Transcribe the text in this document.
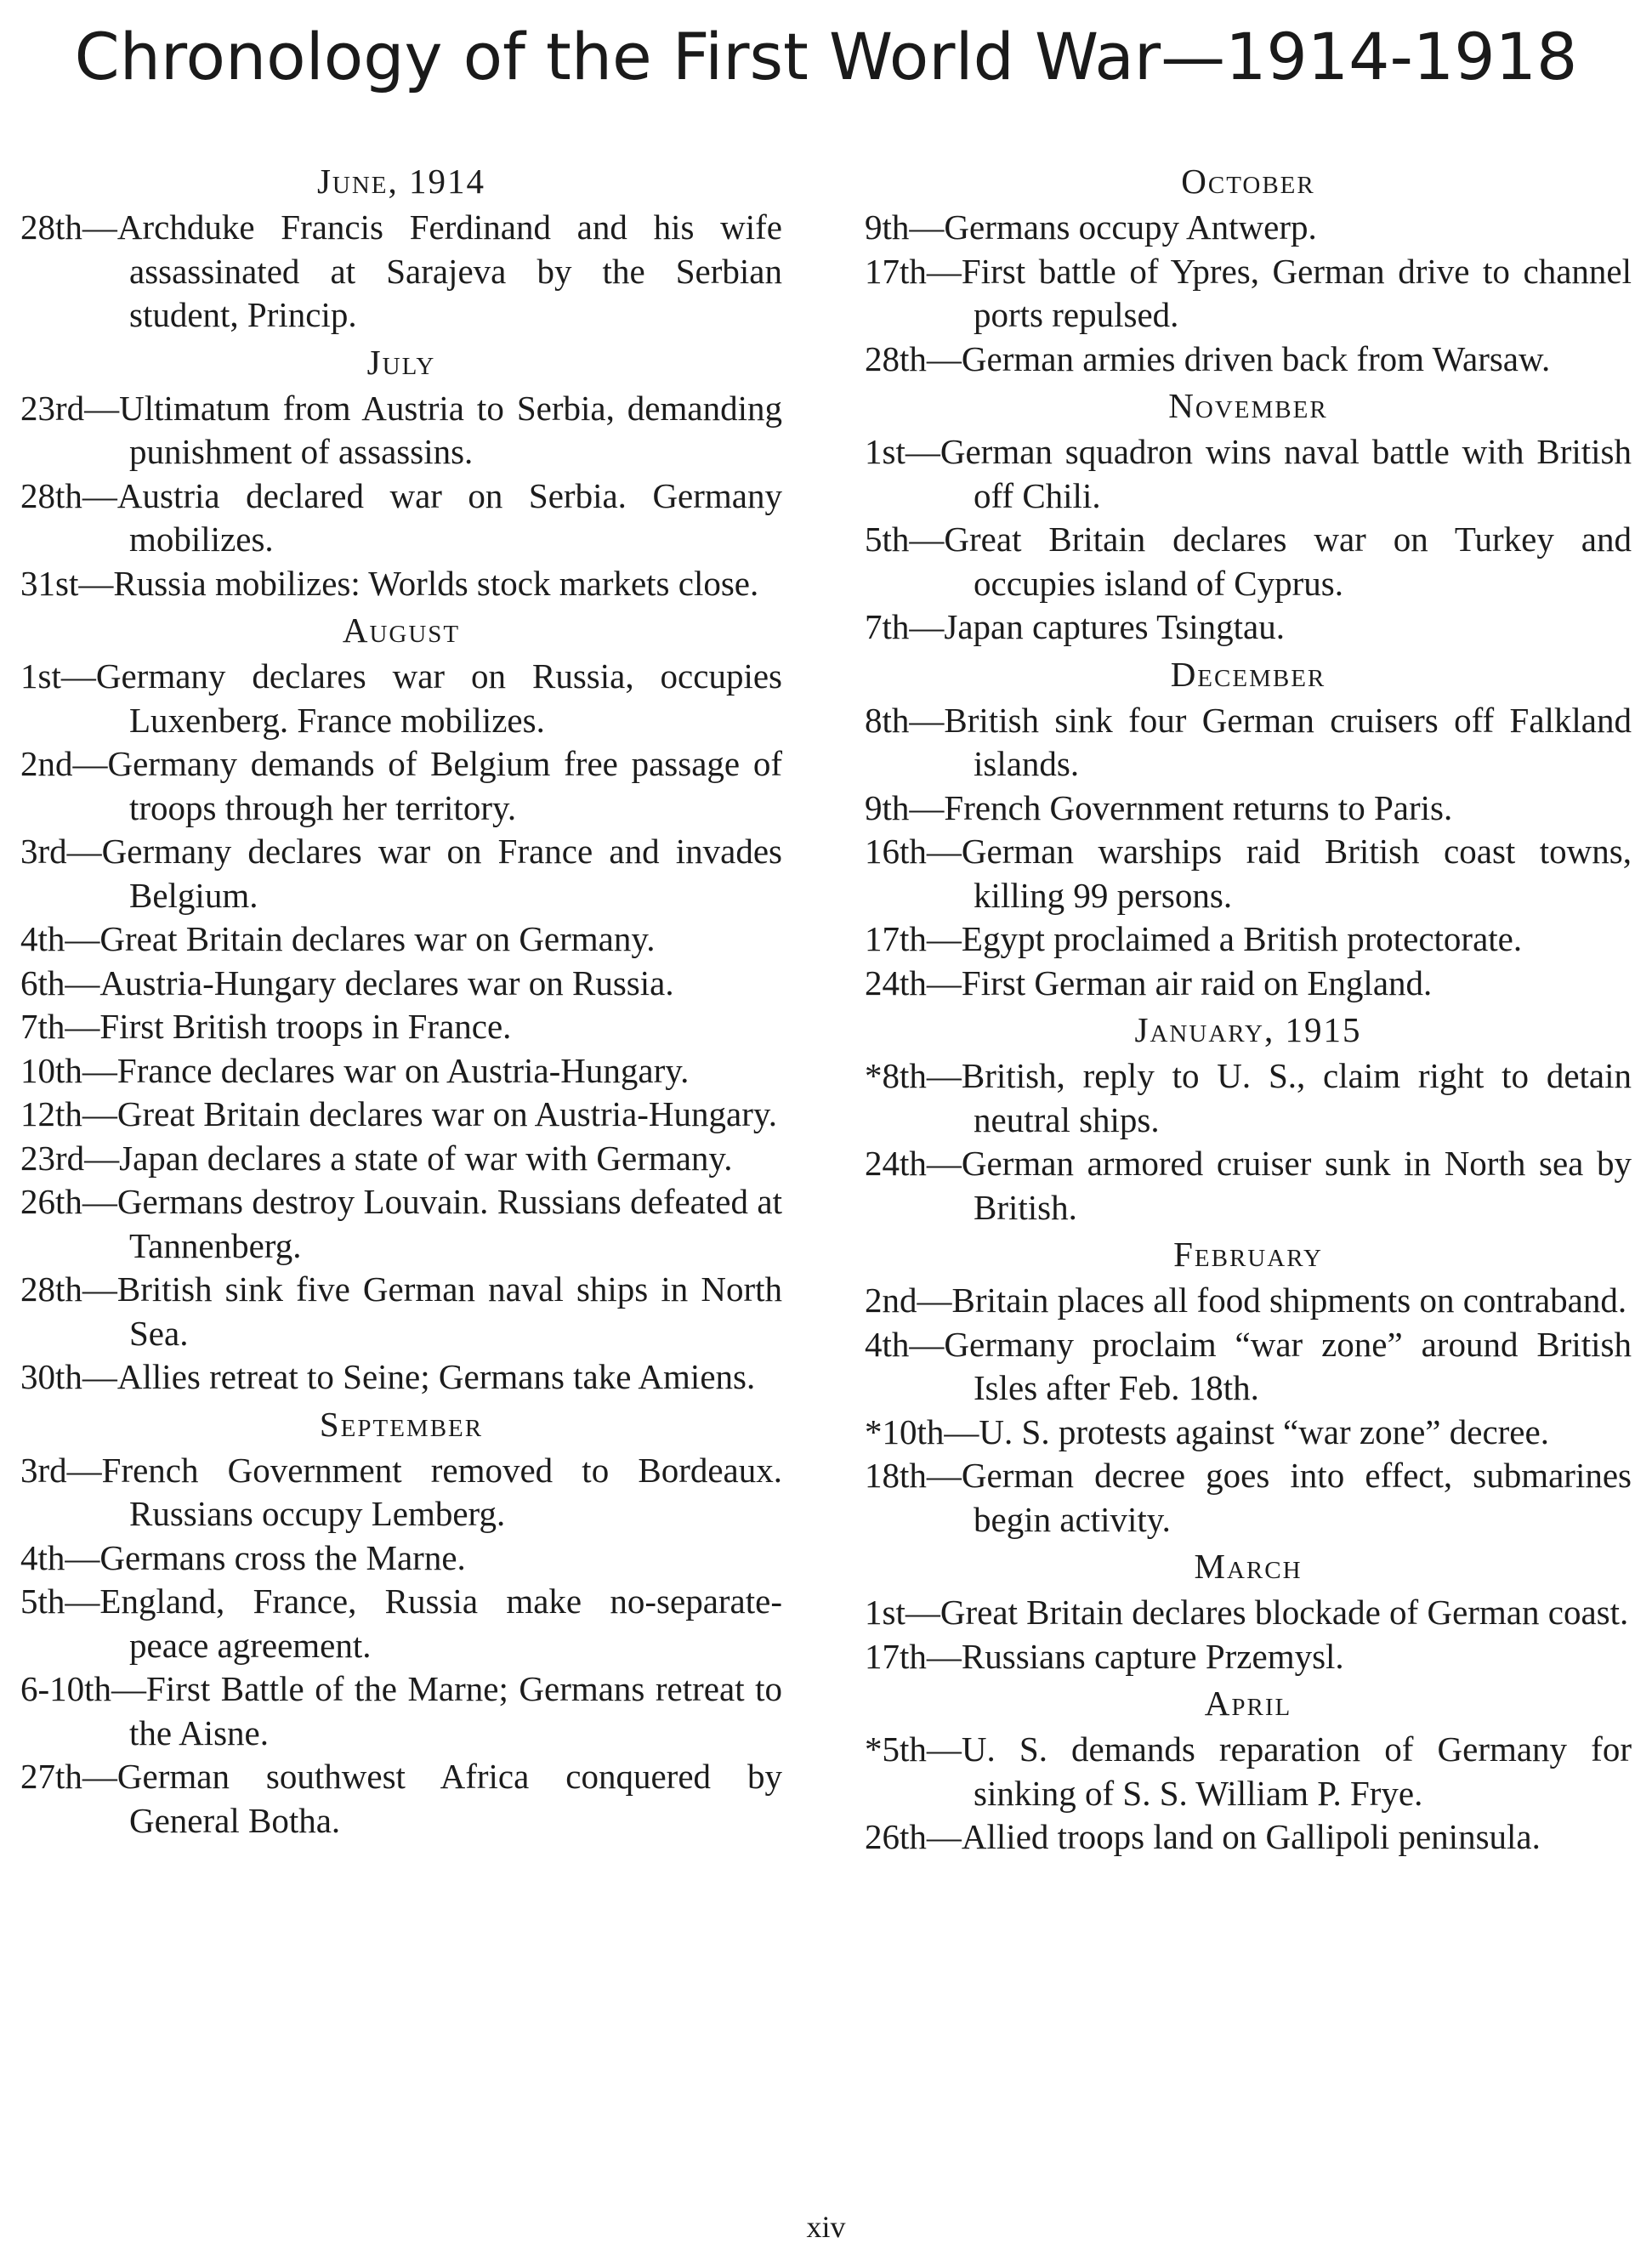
Chronology of the First World War—1914-1918
June, 1914

28th—Archduke Francis Ferdinand and his wife assassinated at Sarajeva by the Serbian student, Princip.

July

23rd—Ultimatum from Austria to Serbia, demanding punishment of assassins.

28th—Austria declared war on Serbia. Germany mobilizes.

31st—Russia mobilizes: Worlds stock markets close.

August

1st—Germany declares war on Russia, occupies Luxenberg. France mobilizes.

2nd—Germany demands of Belgium free passage of troops through her territory.

3rd—Germany declares war on France and invades Belgium.

4th—Great Britain declares war on Germany.

6th—Austria-Hungary declares war on Russia.

7th—First British troops in France.

10th—France declares war on Austria-Hungary.

12th—Great Britain declares war on Austria-Hungary.

23rd—Japan declares a state of war with Germany.

26th—Germans destroy Louvain. Russians defeated at Tannenberg.

28th—British sink five German naval ships in North Sea.

30th—Allies retreat to Seine; Germans take Amiens.

September

3rd—French Government removed to Bordeaux. Russians occupy Lemberg.

4th—Germans cross the Marne.

5th—England, France, Russia make no-separate-peace agreement.

6-10th—First Battle of the Marne; Germans retreat to the Aisne.

27th—German southwest Africa conquered by General Botha.

October

9th—Germans occupy Antwerp.

17th—First battle of Ypres, German drive to channel ports repulsed.

28th—German armies driven back from Warsaw.

November

1st—German squadron wins naval battle with British off Chili.

5th—Great Britain declares war on Turkey and occupies island of Cyprus.

7th—Japan captures Tsingtau.

December

8th—British sink four German cruisers off Falkland islands.

9th—French Government returns to Paris.

16th—German warships raid British coast towns, killing 99 persons.

17th—Egypt proclaimed a British protectorate.

24th—First German air raid on England.

January, 1915

*8th—British, reply to U. S., claim right to detain neutral ships.

24th—German armored cruiser sunk in North sea by British.

February

2nd—Britain places all food shipments on contraband.

4th—Germany proclaim “war zone” around British Isles after Feb. 18th.

*10th—U. S. protests against “war zone” decree.

18th—German decree goes into effect, submarines begin activity.

March

1st—Great Britain declares blockade of German coast.

17th—Russians capture Przemysl.

April

*5th—U. S. demands reparation of Germany for sinking of S. S. William P. Frye.

26th—Allied troops land on Gallipoli peninsula.

xiv
